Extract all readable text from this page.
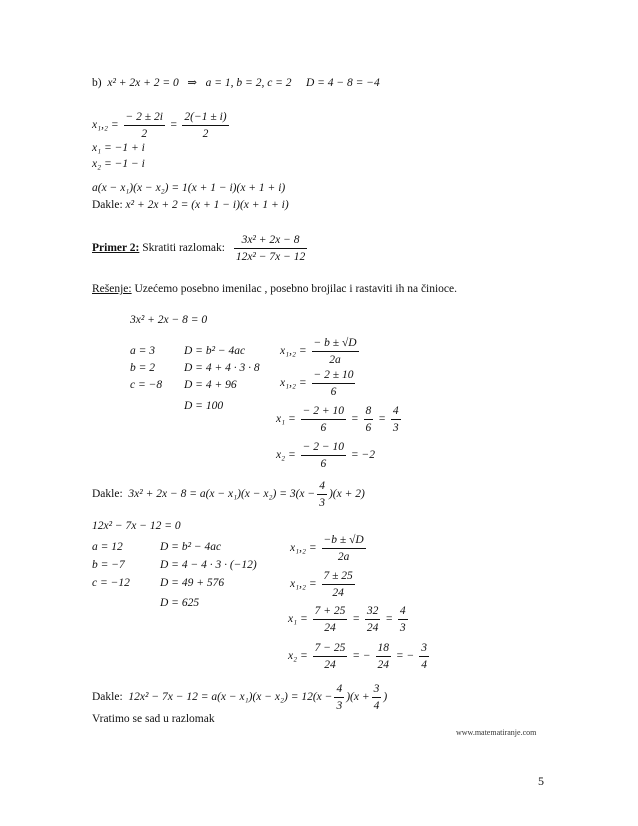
b) x² + 2x + 2 = 0 ⇒ a = 1, b = 2, c = 2 D = 4 − 8 = −4
$x_1,_2 = \frac{- 2 \pm 2i}{2} = \frac{2(-1 \pm i)}{2}$
x₁ = −1 + i
x₂ = −1 − i
a(x − x₁)(x − x₂) = 1(x + 1 − i)(x + 1 + i)
Dakle: x² + 2x + 2 = (x + 1 − i)(x + 1 + i)
Primer 2: Skratiti razlomak: $\frac{\text{3x² + 2x − 8}}{\text{12x² − 7x − 12}}$
Rešenje: Uzećemo posebno imenilac , posebno brojilac i rastaviti ih na činioce.
3x² + 2x − 8 = 0
a = 3
b = 2
c = −8
D = b² − 4ac
D = 4 + 4 · 3 · 8
D = 4 + 96
D = 100
$x_1,_2 = \frac{- b \pm √D}{2a}$
$x_1,_2 = \frac{- 2 \pm 10}{6}$
$x_1 = \frac{- 2 + 10}{6} = \frac{8}{6} = \frac{4}{3}$
$x_2 = \frac{- 2 - 10}{6} = -2$
Dakle: $3x^2 + 2x - 8 = a(x - x_1)(x - x_2) = 3(x - \frac{4}{3} )(x + 2)$
12x² − 7x − 12 = 0
a = 12
b = −7
c = −12
D = b² − 4ac
D = 4 − 4 · 3 · (−12)
D = 49 + 576
D = 625
$x_1,_2 = \frac{-b \pm √D}{2a}$
$x_1,_2 = \frac{7 \pm 25}{24}$
$x_1 = \frac{7 + 25}{24} = \frac{32}{24} = \frac{4}{3}$
$x_2 = \frac{7 - 25}{24}$ = − $\frac{18}{24}$ = − $\frac{3}{4}$
Dakle: $12x^2 - 7x - 12 = a(x - x_1)(x - x_2) = 12(x - \frac{4}{3} )(x + \frac{3}{4}$ )
Vratimo se sad u razlomak
www.matematiranje.com
5
